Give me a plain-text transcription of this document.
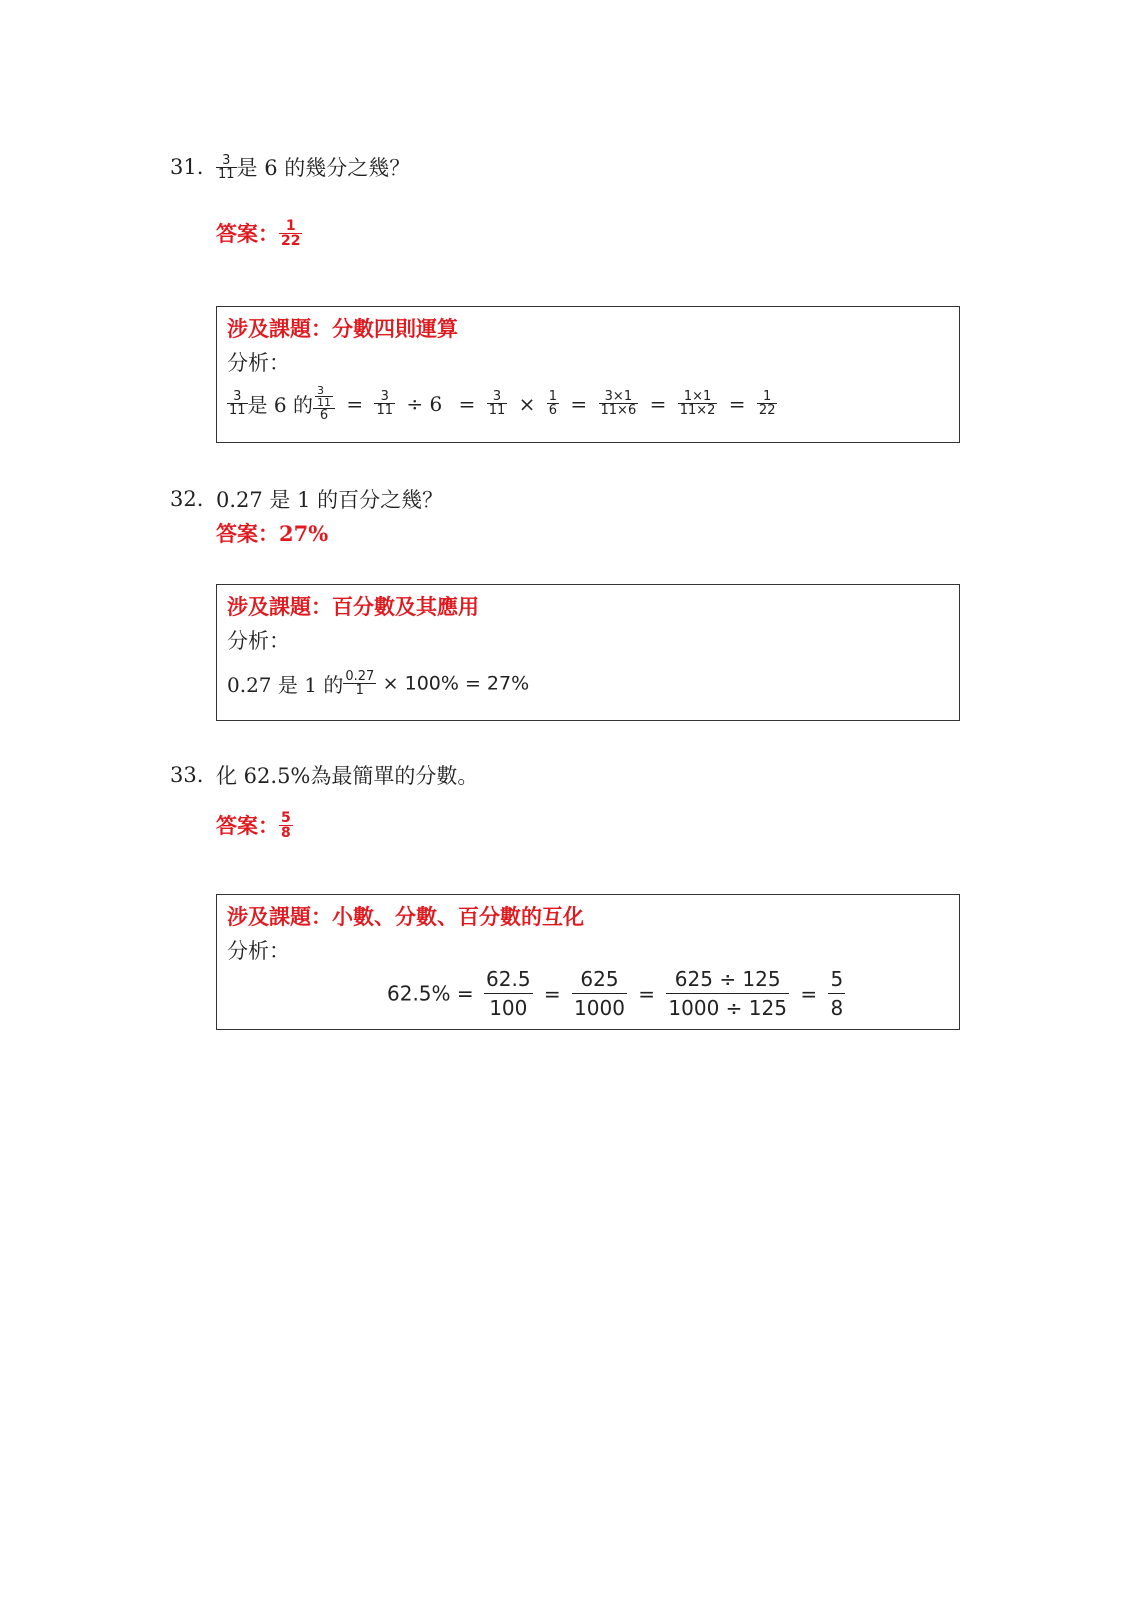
31. $\frac{3}{11}$ 是 6 的幾分之幾？
答案： $\frac{1}{22}$
涉及課題：分數四則運算
分析：
$\frac{3}{11}$ 是 6 的 $\frac{\frac{3}{11}}{6} = \frac{3}{11} \div 6 = \frac{3}{11} \times \frac{1}{6} = \frac{3\times 1}{11\times 6} = \frac{1\times 1}{11\times 2} = \frac{1}{22}$
32. 0.27 是 1 的百分之幾？
答案：27%
涉及課題：百分數及其應用
分析：
0.27 是 1 的 $\frac{0.27}{1} \times 100\% = 27\%$
33. 化 62.5%為最簡單的分數。
答案： $\frac{5}{8}$
涉及課題：小數、分數、百分數的互化
分析：
$62.5\% = \frac{62.5}{100} = \frac{625}{1000} = \frac{625 \div 125}{1000 \div 125} = \frac{5}{8}$
